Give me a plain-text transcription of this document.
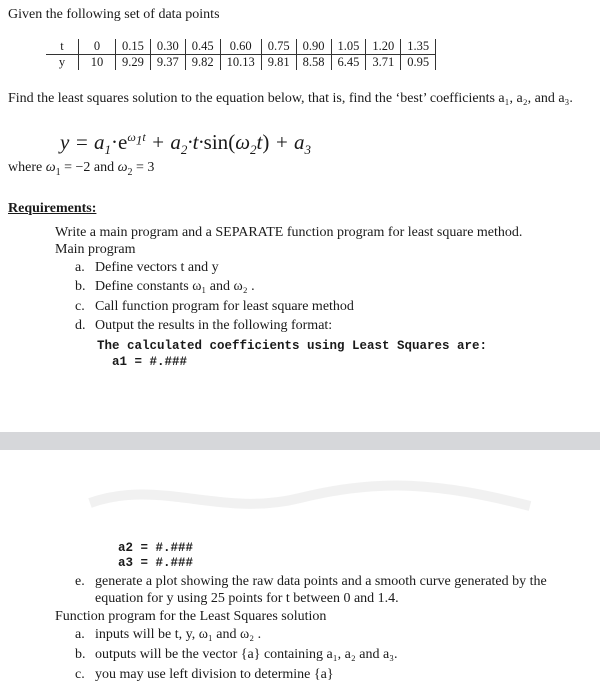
Given the following set of data points
t	0	0.15	0.30	0.45	0.60	0.75	0.90	1.05	1.20	1.35
y	10	9.29	9.37	9.82	10.13	9.81	8.58	6.45	3.71	0.95
Find the least squares solution to the equation below, that is, find the ‘best’ coefficients a₁, a₂, and a₃.
$y = a_1\cdot e^{\omega_1t} + a_2\cdot t\cdot\sin(\omega_2t) + a_3$
where $\omega_1 = -2$ and $\omega_2 = 3$
Requirements:
Write a main program and a SEPARATE function program for least square method.
Main program
a. Define vectors t and y
b. Define constants ω₁ and ω₂ .
c. Call function program for least square method
d. Output the results in the following format:
The calculated coefficients using Least Squares are:
a1 = #.###
a2 = #.###
a3 = #.###
e. generate a plot showing the raw data points and a smooth curve generated by the
equation for y using 25 points for t between 0 and 1.4.
Function program for the Least Squares solution
a. inputs will be t, y, ω₁ and ω₂ .
b. outputs will be the vector {a} containing a₁, a₂ and a₃.
c. you may use left division to determine {a}
